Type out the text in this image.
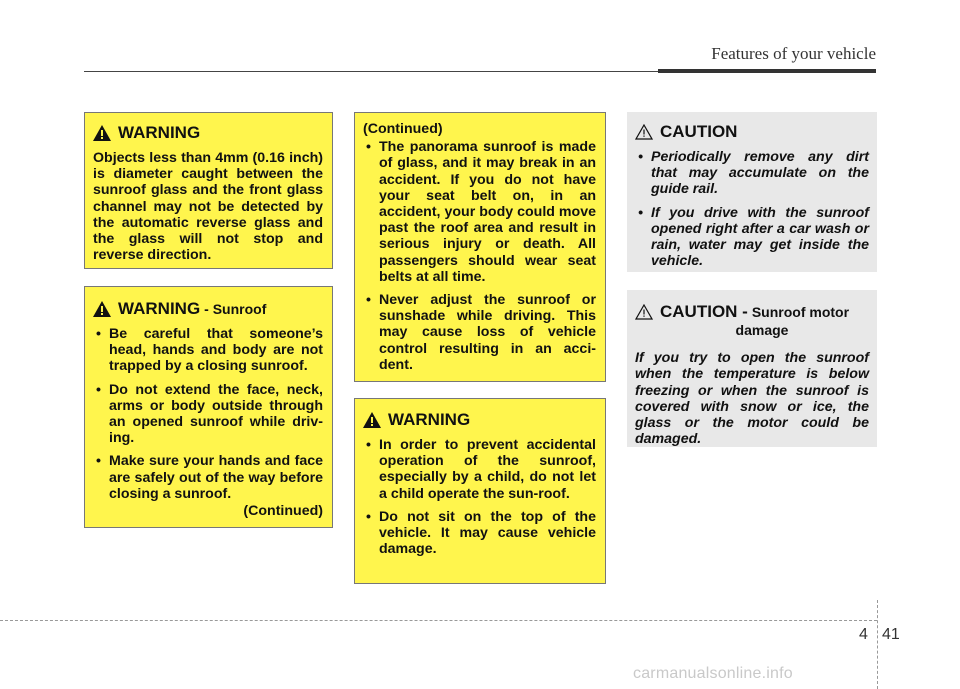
Features of your vehicle
WARNING
Objects less than 4mm (0.16 inch) is diameter caught between the sunroof glass and the front glass channel may not be detected by the automatic reverse glass and the glass will not stop and reverse direction.
WARNING - Sunroof
• Be careful that someone’s head, hands and body are not trapped by a closing sunroof.
• Do not extend the face, neck, arms or body outside through an opened sunroof while driv-ing.
• Make sure your hands and face are safely out of the way before closing a sunroof.
(Continued)
(Continued)
• The panorama sunroof is made of glass, and it may break in an accident. If you do not have your seat belt on, in an accident, your body could move past the roof area and result in serious injury or death. All passengers should wear seat belts at all time.
• Never adjust the sunroof or sunshade while driving. This may cause loss of vehicle control resulting in an acci-dent.
WARNING
• In order to prevent accidental operation of the sunroof, especially by a child, do not let a child operate the sun-roof.
• Do not sit on the top of the vehicle. It may cause vehicle damage.
CAUTION
• Periodically remove any dirt that may accumulate on the guide rail.
• If you drive with the sunroof opened right after a car wash or rain, water may get inside the vehicle.
CAUTION - Sunroof motor
damage
If you try to open the sunroof when the temperature is below freezing or when the sunroof is covered with snow or ice, the glass or the motor could be damaged.
4 41
carmanualsonline.info
